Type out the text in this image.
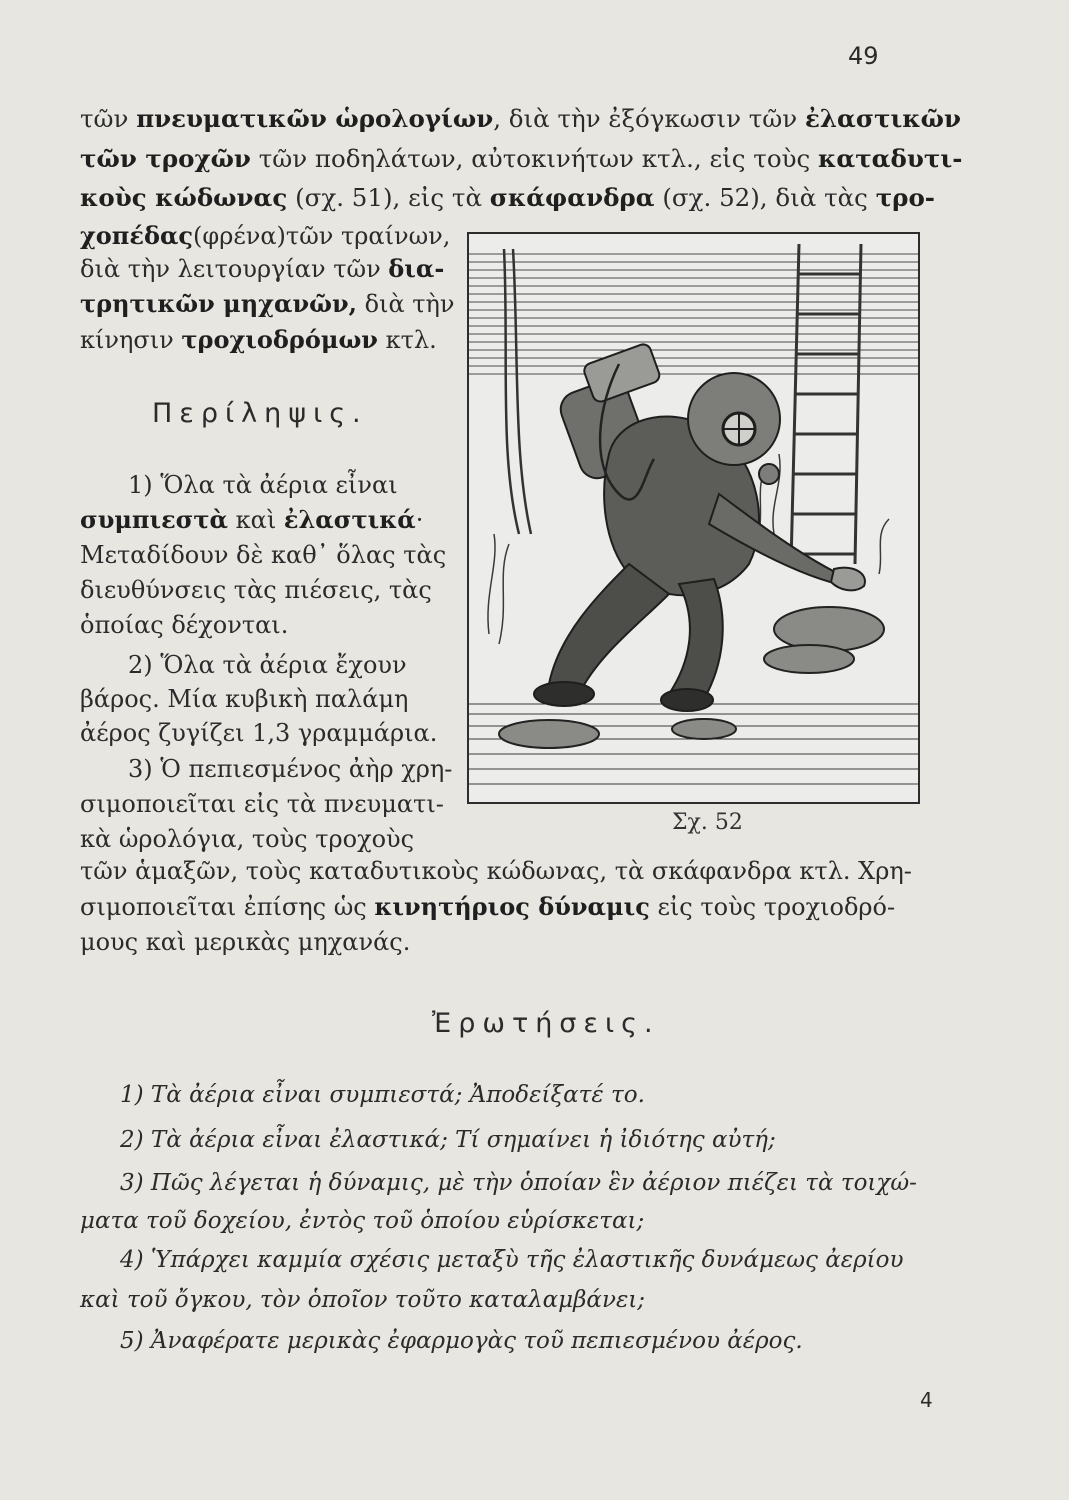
49
τῶν πνευματικῶν ὡρολογίων, διὰ τὴν ἐξόγκωσιν τῶν ἐλαστικῶν
τῶν τροχῶν τῶν ποδηλάτων, αὐτοκινήτων κτλ., εἰς τοὺς καταδυτι-
κοὺς κώδωνας (σχ. 51), εἰς τὰ σκάφανδρα (σχ. 52), διὰ τὰς τρο-
χοπέδας(φρένα)τῶν τραίνων,
διὰ τὴν λειτουργίαν τῶν δια-
τρητικῶν μηχανῶν, διὰ τὴν
κίνησιν τροχιοδρόμων κτλ.
Περίληψις.
1) Ὅλα τὰ ἀέρια εἶναι
συμπιεστὰ καὶ ἐλαστικά·
Μεταδίδουν δὲ καθ᾽ ὅλας τὰς
διευθύνσεις τὰς πιέσεις, τὰς
ὁποίας δέχονται.
2) Ὅλα τὰ ἀέρια ἔχουν
βάρος. Μία κυβικὴ παλάμη
ἀέρος ζυγίζει 1,3 γραμμάρια.
3) Ὁ πεπιεσμένος ἀὴρ χρη-
σιμοποιεῖται εἰς τὰ πνευματι-
κὰ ὡρολόγια, τοὺς τροχοὺς
τῶν ἁμαξῶν, τοὺς καταδυτικοὺς κώδωνας, τὰ σκάφανδρα κτλ. Χρη-
σιμοποιεῖται ἐπίσης ὡς κινητήριος δύναμις εἰς τοὺς τροχιοδρό-
μους καὶ μερικὰς μηχανάς.
Σχ. 52
Ἐρωτήσεις.
1) Τὰ ἀέρια εἶναι συμπιεστά; Ἀποδείξατέ το.
2) Τὰ ἀέρια εἶναι ἐλαστικά; Τί σημαίνει ἡ ἰδιότης αὐτή;
3) Πῶς λέγεται ἡ δύναμις, μὲ τὴν ὁποίαν ἓν ἀέριον πιέζει τὰ τοιχώ-
ματα τοῦ δοχείου, ἐντὸς τοῦ ὁποίου εὑρίσκεται;
4) Ὑπάρχει καμμία σχέσις μεταξὺ τῆς ἐλαστικῆς δυνάμεως ἀερίου
καὶ τοῦ ὄγκου, τὸν ὁποῖον τοῦτο καταλαμβάνει;
5) Ἀναφέρατε μερικὰς ἐφαρμογὰς τοῦ πεπιεσμένου ἀέρος.
4
